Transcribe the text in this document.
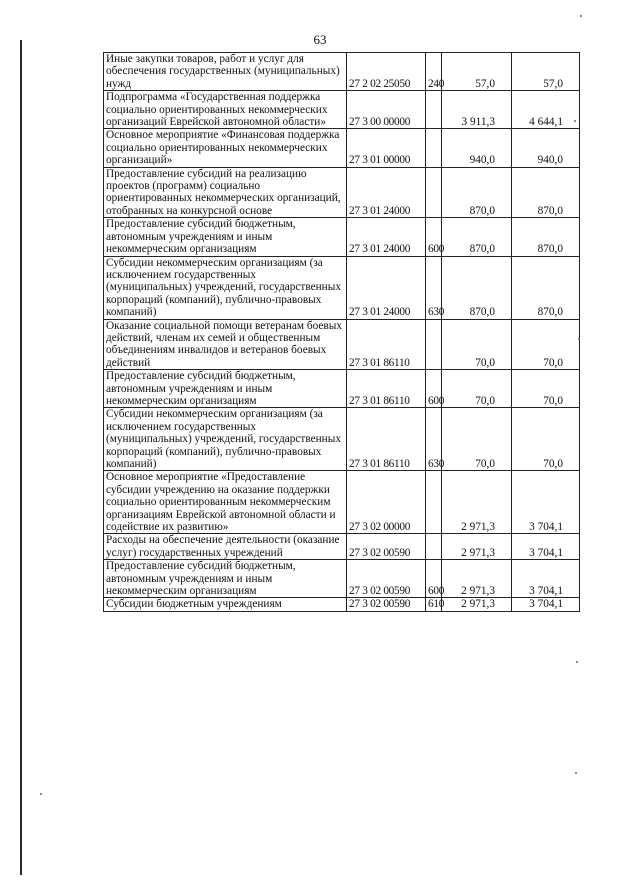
63
Иные закупки товаров, работ и услуг для обеспечения государственных (муниципальных) нужд	27 2 02 25050	240	57,0	57,0
Подпрограмма «Государственная поддержка социально ориентированных некоммерческих организаций Еврейской автономной области»	27 3 00 00000		3 911,3	4 644,1
Основное мероприятие «Финансовая поддержка социально ориентированных некоммерческих организаций»	27 3 01 00000		940,0	940,0
Предоставление субсидий на реализацию проектов (программ) социально ориентированных некоммерческих организаций, отобранных на конкурсной основе	27 3 01 24000		870,0	870,0
Предоставление субсидий бюджетным, автономным учреждениям и иным некоммерческим организациям	27 3 01 24000	600	870,0	870,0
Субсидии некоммерческим организациям (за исключением государственных (муниципальных) учреждений, государственных корпораций (компаний), публично-правовых компаний)	27 3 01 24000	630	870,0	870,0
Оказание социальной помощи ветеранам боевых действий, членам их семей и общественным объединениям инвалидов и ветеранов боевых действий	27 3 01 86110		70,0	70,0
Предоставление субсидий бюджетным, автономным учреждениям и иным некоммерческим организациям	27 3 01 86110	600	70,0	70,0
Субсидии некоммерческим организациям (за исключением государственных (муниципальных) учреждений, государственных корпораций (компаний), публично-правовых компаний)	27 3 01 86110	630	70,0	70,0
Основное мероприятие «Предоставление субсидии учреждению на оказание поддержки социально ориентированным некоммерческим организациям Еврейской автономной области и содействие их развитию»	27 3 02 00000		2 971,3	3 704,1
Расходы на обеспечение деятельности (оказание услуг) государственных учреждений	27 3 02 00590		2 971,3	3 704,1
Предоставление субсидий бюджетным, автономным учреждениям и иным некоммерческим организациям	27 3 02 00590	600	2 971,3	3 704,1
Субсидии бюджетным учреждениям	27 3 02 00590	610	2 971,3	3 704,1
